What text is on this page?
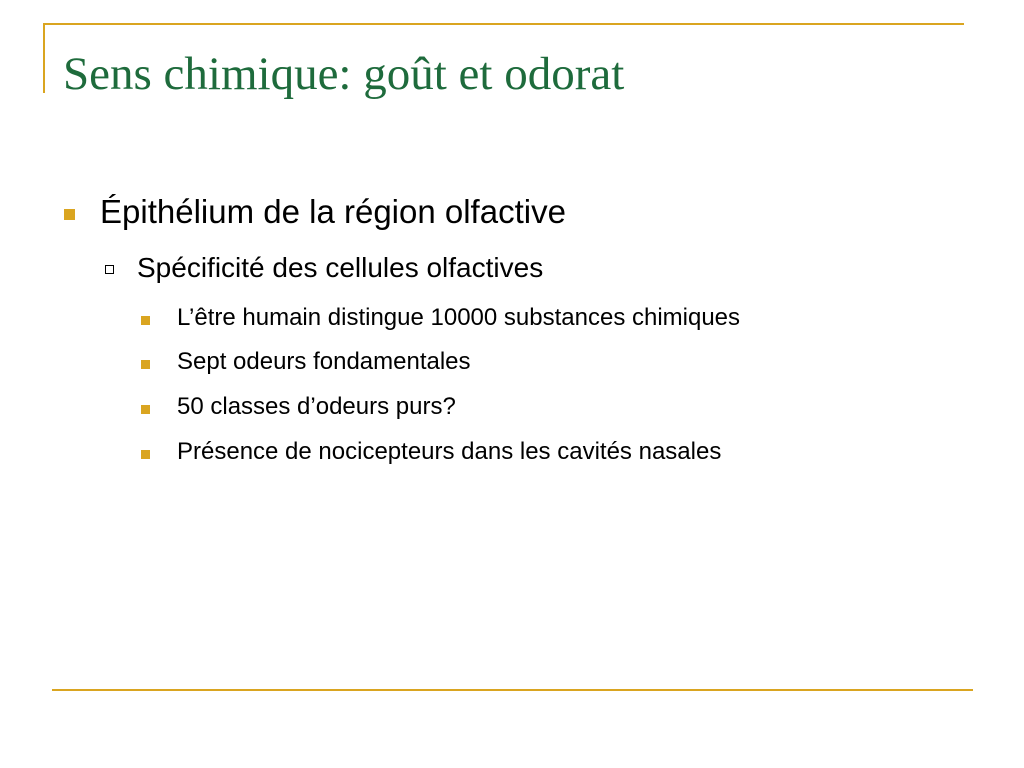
Sens chimique: goût et odorat
Épithélium de la région olfactive
Spécificité des cellules olfactives
L’être humain distingue 10000 substances chimiques
Sept odeurs fondamentales
50 classes d’odeurs purs?
Présence de nocicepteurs dans les cavités nasales
